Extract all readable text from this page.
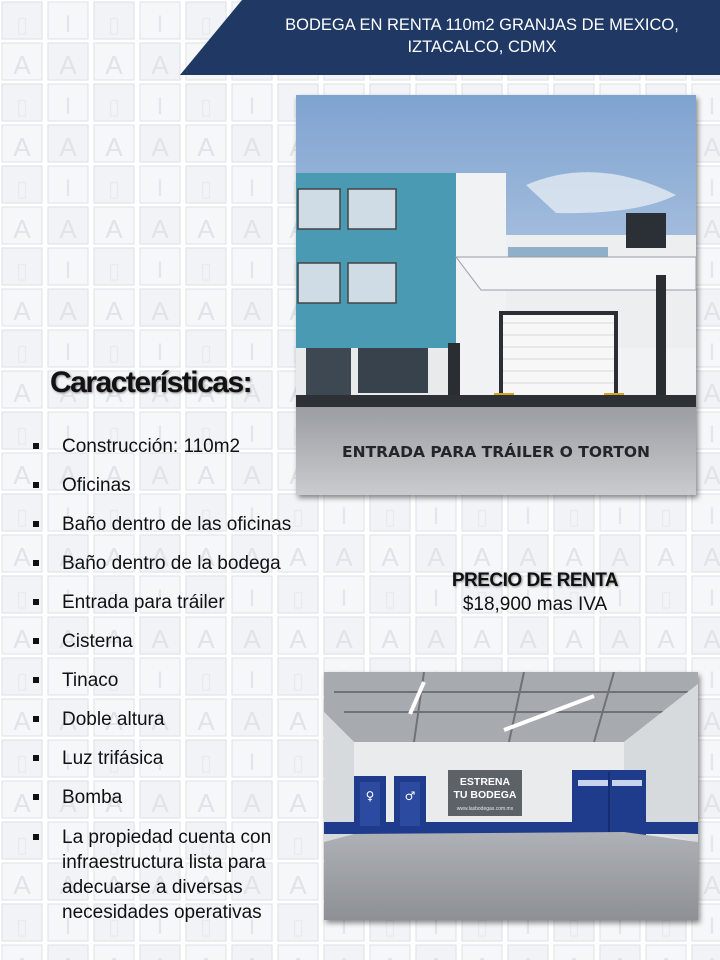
BODEGA EN RENTA 110m2 GRANJAS DE MEXICO, IZTACALCO, CDMX
ENTRADA PARA TRÁILER O TORTON
Características:
Construcción: 110m2
Oficinas
Baño dentro de las oficinas
Baño dentro de la bodega
Entrada para tráiler
Cisterna
Tinaco
Doble altura
Luz trifásica
Bomba
La propiedad cuenta con infraestructura lista para adecuarse a diversas necesidades operativas
PRECIO DE RENTA
$18,900 mas IVA
♀	♂
ESTRENA
TU BODEGA
www.lasbodegas.com.mx
